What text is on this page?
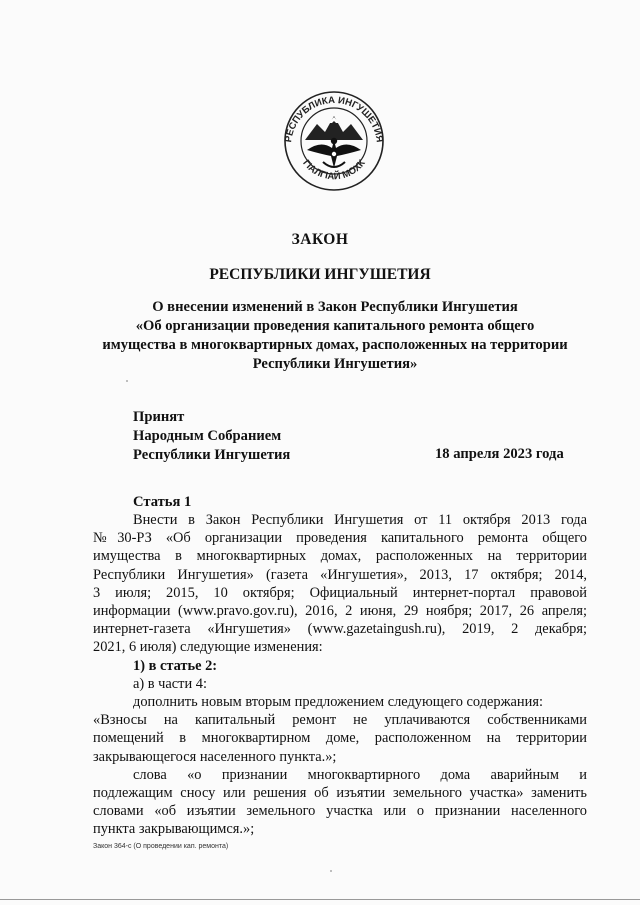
РЕСПУБЛИКА ИНГУШЕТИЯ
ГІАЛГІАЙ МОХК
ЗАКОН
РЕСПУБЛИКИ ИНГУШЕТИЯ
О внесении изменений в Закон Республики Ингушетия
«Об организации проведения капитального ремонта общего
имущества в многоквартирных домах, расположенных на территории
Республики Ингушетия»
Принят
Народным Собранием
Республики Ингушетия	18 апреля 2023 года
Статья 1
Внести в Закон Республики Ингушетия от 11 октября 2013 года
№30-РЗ «Об организации проведения капитального ремонта общего
имущества в многоквартирных домах, расположенных на территории
Республики Ингушетия» (газета «Ингушетия», 2013, 17 октября; 2014,
3 июля; 2015, 10 октября; Официальный интернет-портал правовой
информации (www.pravo.gov.ru), 2016, 2 июня, 29 ноября; 2017, 26 апреля;
интернет-газета «Ингушетия» (www.gazetaingush.ru), 2019, 2 декабря;
2021, 6 июля) следующие изменения:
1) в статье 2:
а) в части 4:
дополнить новым вторым предложением следующего содержания:
«Взносы на капитальный ремонт не уплачиваются собственниками
помещений в многоквартирном доме, расположенном на территории
закрывающегося населенного пункта.»;
слова «о признании многоквартирного дома аварийным и
подлежащим сносу или решения об изъятии земельного участка» заменить
словами «об изъятии земельного участка или о признании населенного
пункта закрывающимся.»;
Закон 364-с (О проведении кап. ремонта)
